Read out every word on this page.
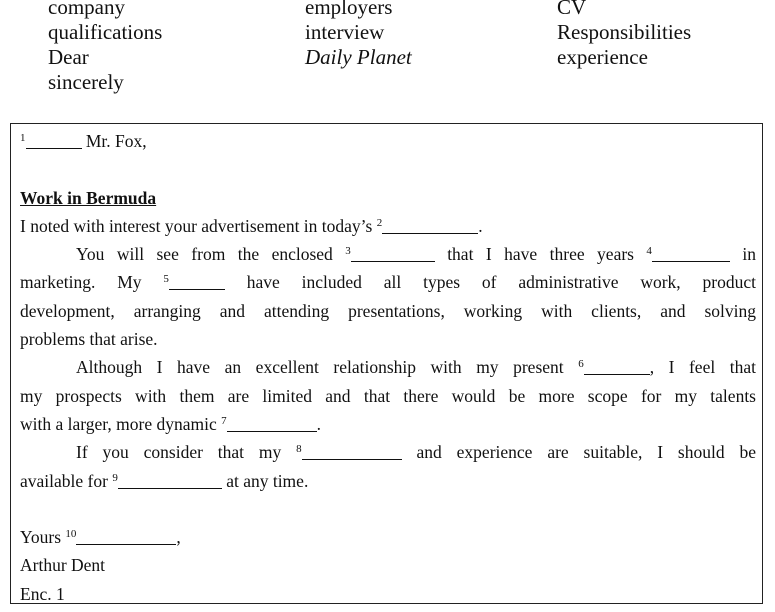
company
qualifications
Dear
sincerely
employers
interview
Daily Planet
CV
Responsibilities
experience
$^1$	Mr. Fox,
Work in Bermuda
I noted with interest your advertisement in today’s $^2$	.
You will see from the enclosed $^3$	that I have three years $^4$	in
marketing. My $^5$	have included all types of administrative work, product
development, arranging and attending presentations, working with clients, and solving
problems that arise.
Although I have an excellent relationship with my present $^6$	, I feel that
my prospects with them are limited and that there would be more scope for my talents
with a larger, more dynamic $^7$	.
If you consider that my $^8$	and experience are suitable, I should be
available for $^9$	at any time.
Yours $^{10}$	,
Arthur Dent
Enc. 1
